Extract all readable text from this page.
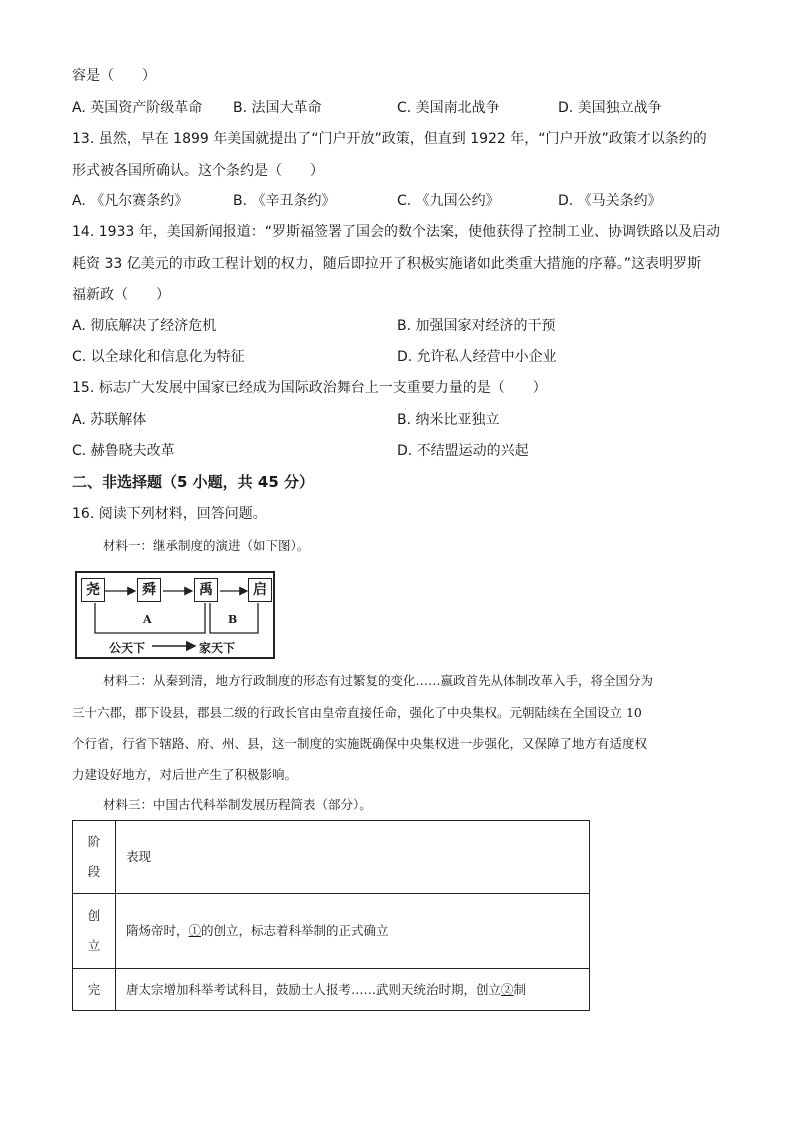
容是（　　）
A. 英国资产阶级革命 B. 法国大革命	C. 美国南北战争	D. 美国独立战争
13. 虽然，早在 1899 年美国就提出了“门户开放”政策，但直到 1922 年，“门户开放”政策才以条约的
形式被各国所确认。这个条约是（　　）
A. 《凡尔赛条约》	B. 《辛丑条约》	C. 《九国公约》	D. 《马关条约》
14. 1933 年，美国新闻报道：“罗斯福签署了国会的数个法案，使他获得了控制工业、协调铁路以及启动
耗资 33 亿美元的市政工程计划的权力，随后即拉开了积极实施诸如此类重大措施的序幕。”这表明罗斯
福新政（　　）
A. 彻底解决了经济危机	B. 加强国家对经济的干预
C. 以全球化和信息化为特征	D. 允许私人经营中小企业
15. 标志广大发展中国家已经成为国际政治舞台上一支重要力量的是（　　）
A. 苏联解体	B. 纳米比亚独立
C. 赫鲁晓夫改革	D. 不结盟运动的兴起
二、非选择题（5 小题，共 45 分）
16. 阅读下列材料，回答问题。
材料一：继承制度的演进（如下图）。
尧	舜	禹	启
A	B
公天下	家天下
材料二：从秦到清，地方行政制度的形态有过繁复的变化……嬴政首先从体制改革入手，将全国分为
三十六郡，郡下设县，郡县二级的行政长官由皇帝直接任命，强化了中央集权。元朝陆续在全国设立 10
个行省，行省下辖路、府、州、县，这一制度的实施既确保中央集权进一步强化，又保障了地方有适度权
力建设好地方，对后世产生了积极影响。
材料三：中国古代科举制发展历程简表（部分）。
阶
段	表现

创
立	隋炀帝时，①的创立，标志着科举制的正式确立

完	唐太宗增加科举考试科目，鼓励士人报考……武则天统治时期，创立②制
